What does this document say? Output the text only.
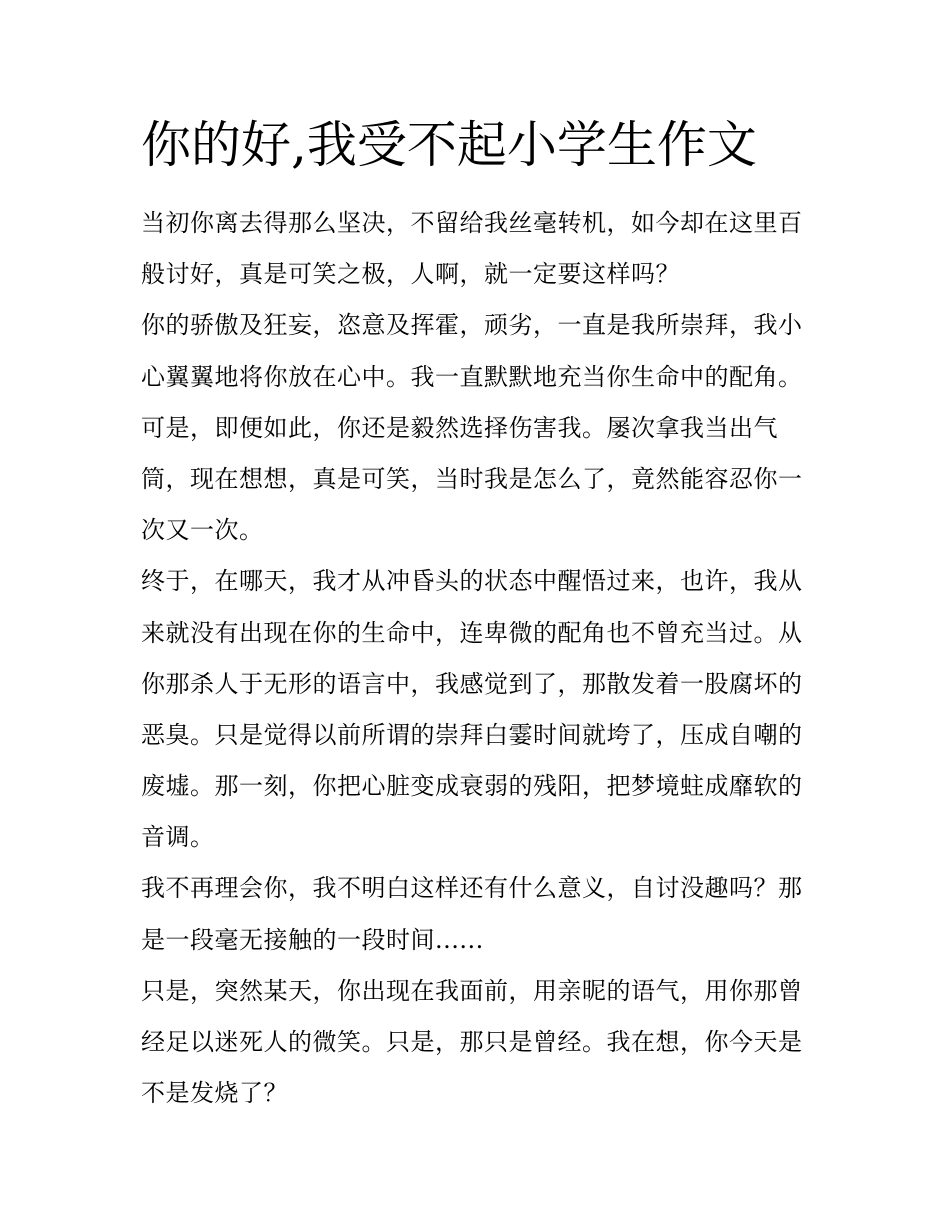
你的好,我受不起小学生作文
当初你离去得那么坚决，不留给我丝毫转机，如今却在这里百
般讨好，真是可笑之极，人啊，就一定要这样吗？
你的骄傲及狂妄，恣意及挥霍，顽劣，一直是我所崇拜，我小
心翼翼地将你放在心中。我一直默默地充当你生命中的配角。
可是，即便如此，你还是毅然选择伤害我。屡次拿我当出气
筒，现在想想，真是可笑，当时我是怎么了，竟然能容忍你一
次又一次。
终于，在哪天，我才从冲昏头的状态中醒悟过来，也许，我从
来就没有出现在你的生命中，连卑微的配角也不曾充当过。从
你那杀人于无形的语言中，我感觉到了，那散发着一股腐坏的
恶臭。只是觉得以前所谓的崇拜白霎时间就垮了，压成自嘲的
废墟。那一刻，你把心脏变成衰弱的残阳，把梦境蛀成靡软的
音调。
我不再理会你，我不明白这样还有什么意义，自讨没趣吗？那
是一段毫无接触的一段时间......
只是，突然某天，你出现在我面前，用亲昵的语气，用你那曾
经足以迷死人的微笑。只是，那只是曾经。我在想，你今天是
不是发烧了？
